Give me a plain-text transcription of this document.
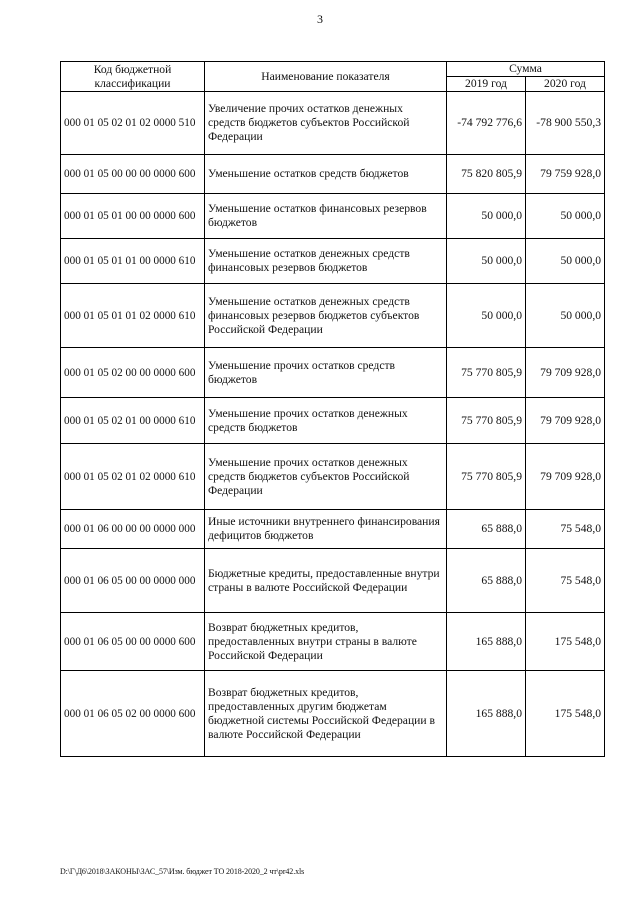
3
Код бюджетной классификации	Наименование показателя	Сумма	
		2019 год	2020 год
000 01 05 02 01 02 0000 510	Увеличение прочих остатков денежных средств бюджетов субъектов Российской Федерации	-74 792 776,6	-78 900 550,3
000 01 05 00 00 00 0000 600	Уменьшение остатков средств бюджетов	75 820 805,9	79 759 928,0
000 01 05 01 00 00 0000 600	Уменьшение остатков финансовых резервов бюджетов	50 000,0	50 000,0
000 01 05 01 01 00 0000 610	Уменьшение остатков денежных средств финансовых резервов бюджетов	50 000,0	50 000,0
000 01 05 01 01 02 0000 610	Уменьшение остатков денежных средств финансовых резервов бюджетов субъектов Российской Федерации	50 000,0	50 000,0
000 01 05 02 00 00 0000 600	Уменьшение прочих остатков средств бюджетов	75 770 805,9	79 709 928,0
000 01 05 02 01 00 0000 610	Уменьшение прочих остатков денежных средств бюджетов	75 770 805,9	79 709 928,0
000 01 05 02 01 02 0000 610	Уменьшение прочих остатков денежных средств бюджетов субъектов Российской Федерации	75 770 805,9	79 709 928,0
000 01 06 00 00 00 0000 000	Иные источники внутреннего финансирования дефицитов бюджетов	65 888,0	75 548,0
000 01 06 05 00 00 0000 000	Бюджетные кредиты, предоставленные внутри страны в валюте Российской Федерации	65 888,0	75 548,0
000 01 06 05 00 00 0000 600	Возврат бюджетных кредитов, предоставленных внутри страны в валюте Российской Федерации	165 888,0	175 548,0
000 01 06 05 02 00 0000 600	Возврат бюджетных кредитов, предоставленных другим бюджетам бюджетной системы Российской Федерации в валюте Российской Федерации	165 888,0	175 548,0
D:\Г\Д6\2018\ЗАКОНЫ\ЗАС_57\Изм. бюджет ТО 2018-2020_2 чт\pr42.xls
